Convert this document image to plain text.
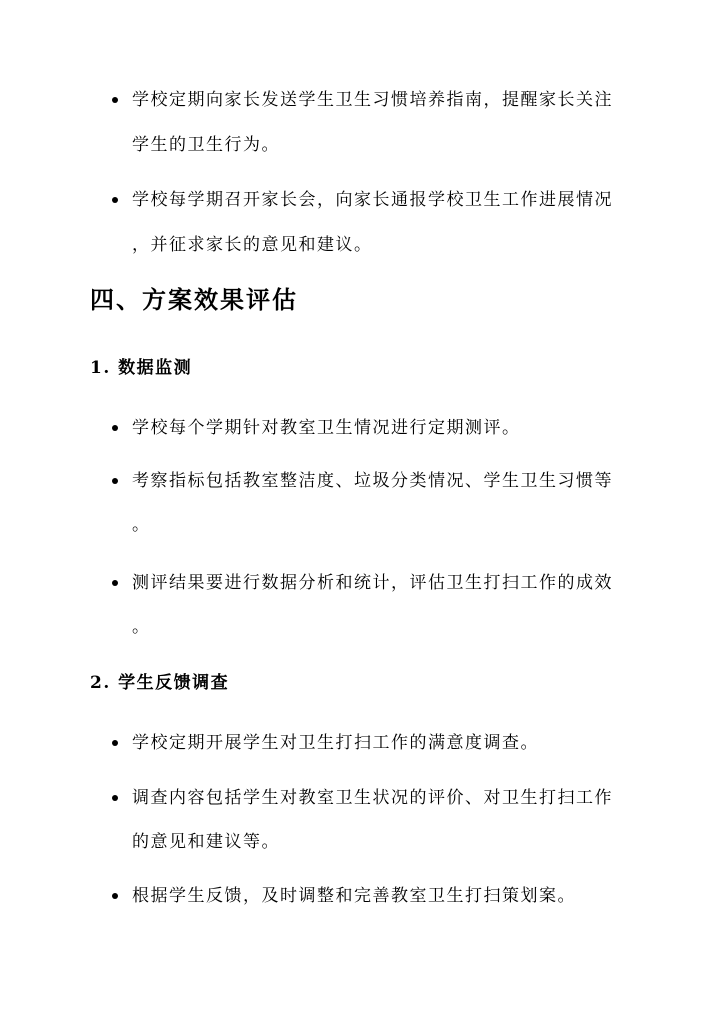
学校定期向家长发送学生卫生习惯培养指南，提醒家长关注
学生的卫生行为。
学校每学期召开家长会，向家长通报学校卫生工作进展情况
，并征求家长的意见和建议。
四、方案效果评估
1. 数据监测
学校每个学期针对教室卫生情况进行定期测评。
考察指标包括教室整洁度、垃圾分类情况、学生卫生习惯等
。
测评结果要进行数据分析和统计，评估卫生打扫工作的成效
。
2. 学生反馈调查
学校定期开展学生对卫生打扫工作的满意度调查。
调查内容包括学生对教室卫生状况的评价、对卫生打扫工作
的意见和建议等。
根据学生反馈，及时调整和完善教室卫生打扫策划案。
